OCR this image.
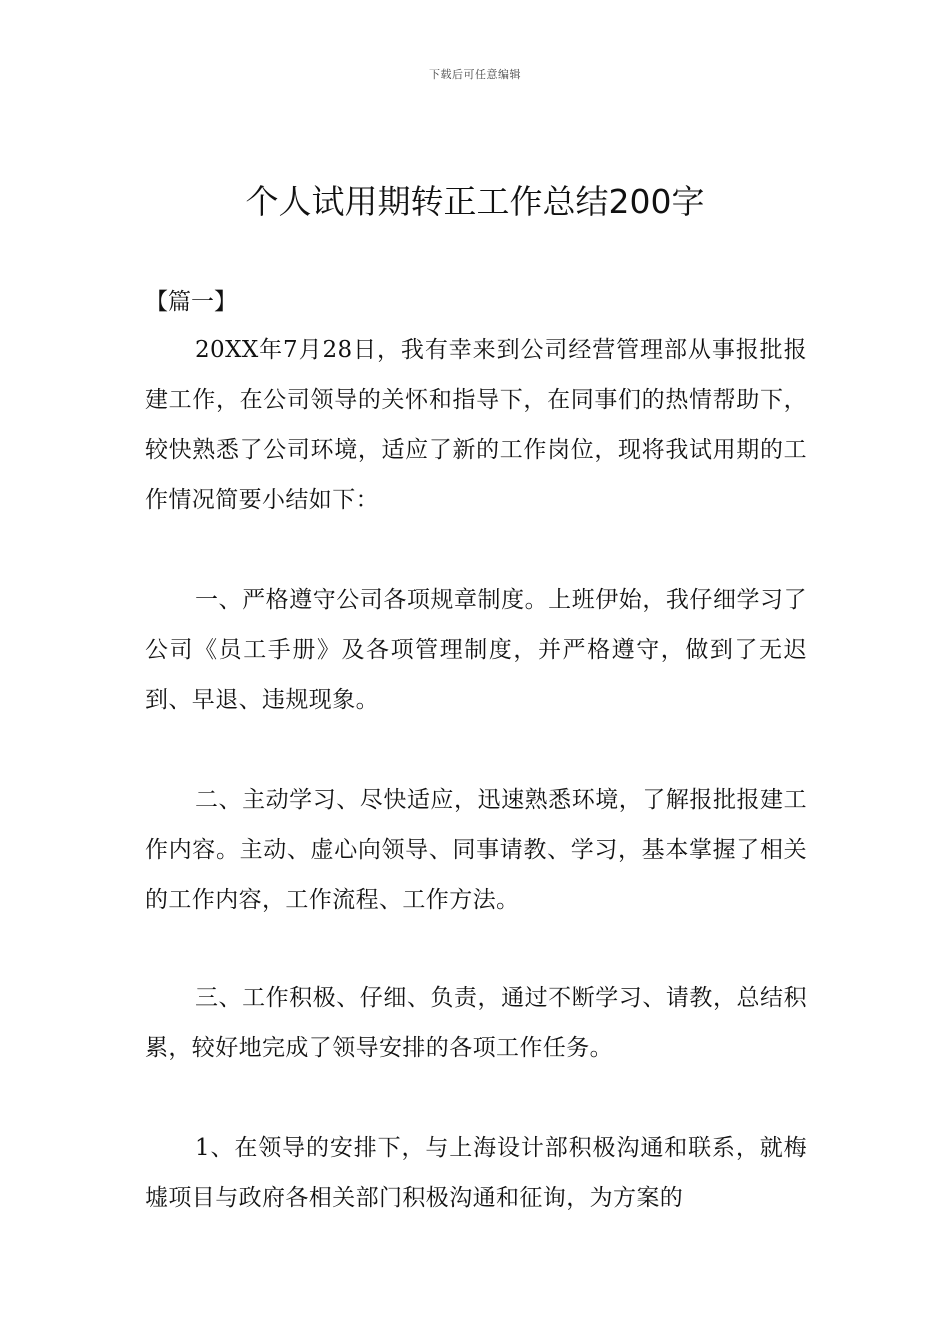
下载后可任意编辑
个人试用期转正工作总结200字

【篇一】

20XX年7月28日，我有幸来到公司经营管理部从事报批报建工作，在公司领导的关怀和指导下，在同事们的热情帮助下，较快熟悉了公司环境，适应了新的工作岗位，现将我试用期的工作情况简要小结如下：

一、严格遵守公司各项规章制度。上班伊始，我仔细学习了公司《员工手册》及各项管理制度，并严格遵守，做到了无迟到、早退、违规现象。

二、主动学习、尽快适应，迅速熟悉环境，了解报批报建工作内容。主动、虚心向领导、同事请教、学习，基本掌握了相关的工作内容，工作流程、工作方法。

三、工作积极、仔细、负责，通过不断学习、请教，总结积累，较好地完成了领导安排的各项工作任务。

1、在领导的安排下，与上海设计部积极沟通和联系，就梅墟项目与政府各相关部门积极沟通和征询，为方案的
